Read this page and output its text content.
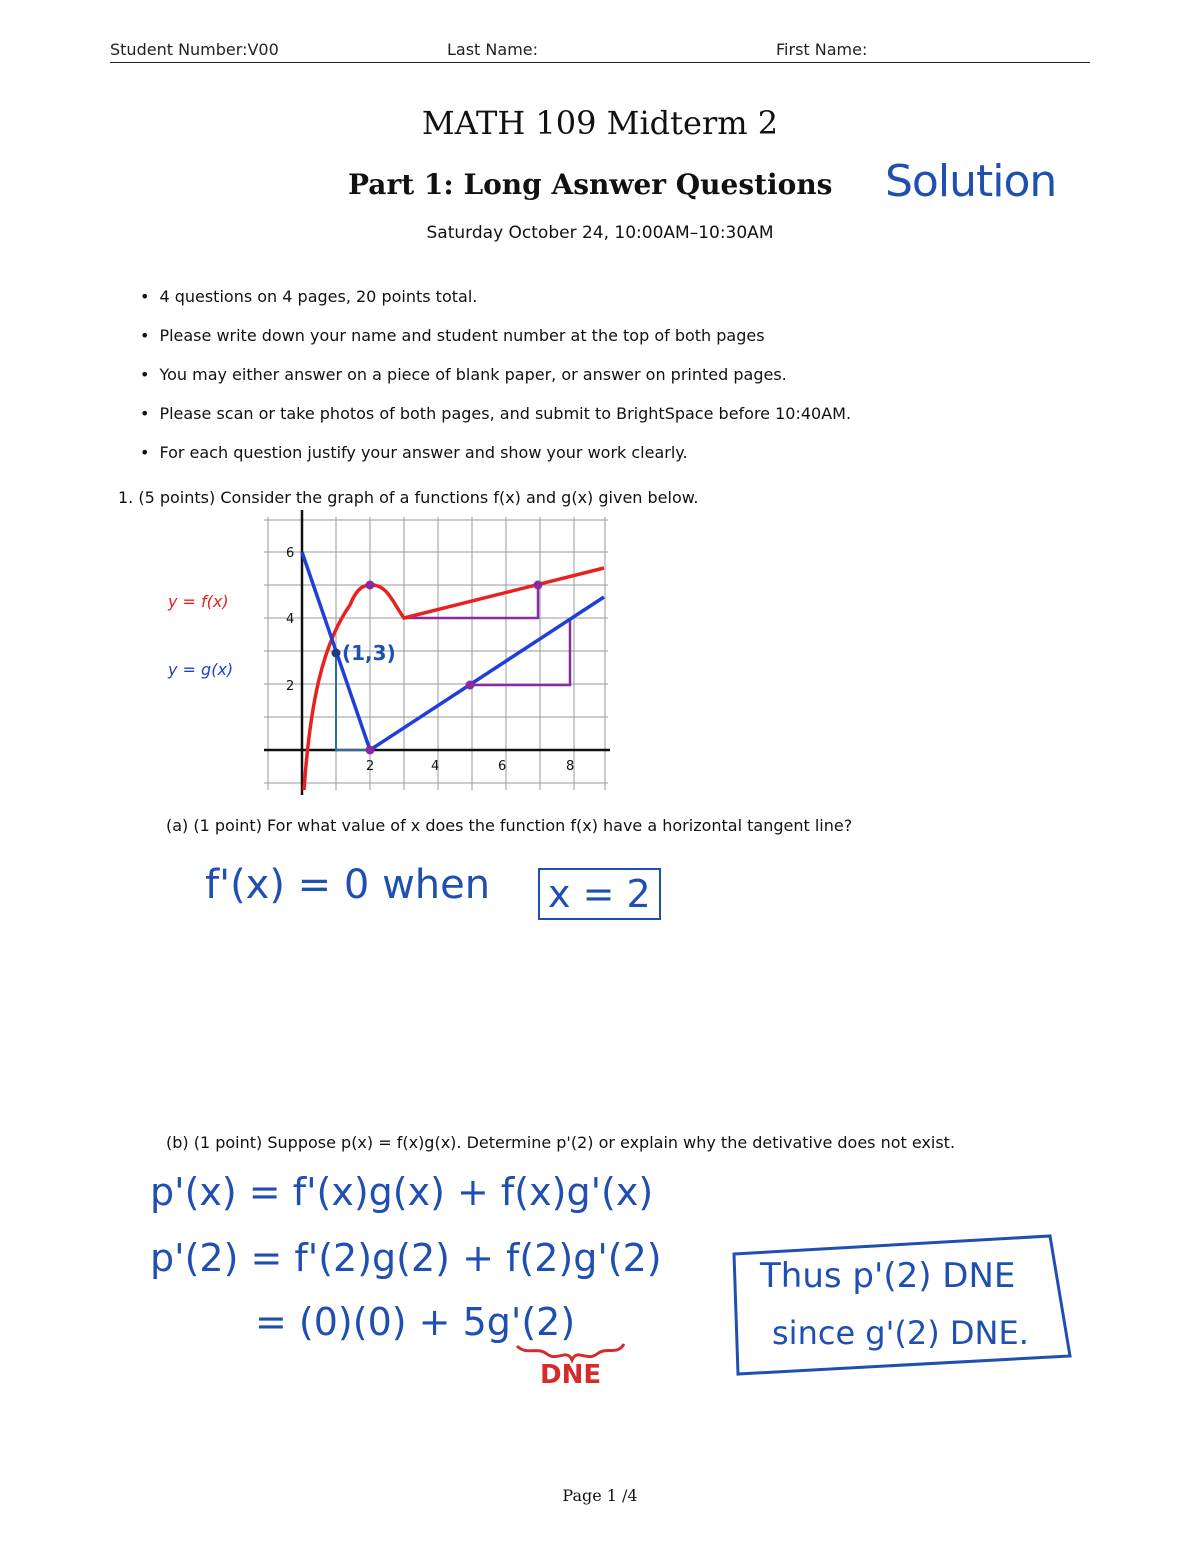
Student Number:V00	Last Name:	First Name:
MATH 109 Midterm 2
Part 1: Long Asnwer Questions Solution
Saturday October 24, 10:00AM–10:30AM
• 4 questions on 4 pages, 20 points total.
• Please write down your name and student number at the top of both pages
• You may either answer on a piece of blank paper, or answer on printed pages.
• Please scan or take photos of both pages, and submit to BrightSpace before 10:40AM.
• For each question justify your answer and show your work clearly.
1. (5 points) Consider the graph of a functions f(x) and g(x) given below.
y = f(x)
y = g(x)
2	4	6	8
2
4
6
(1,3)
(a) (1 point) For what value of x does the function f(x) have a horizontal tangent line?
f'(x) = 0 when x = 2
(b) (1 point) Suppose p(x) = f(x)g(x). Determine p'(2) or explain why the detivative does not exist.
p'(x) = f'(x)g(x) + f(x)g'(x)
p'(2) = f'(2)g(2) + f(2)g'(2)
= (0)(0) + 5g'(2)
DNE
Thus p'(2) DNE
since g'(2) DNE.
Page 1 /4
